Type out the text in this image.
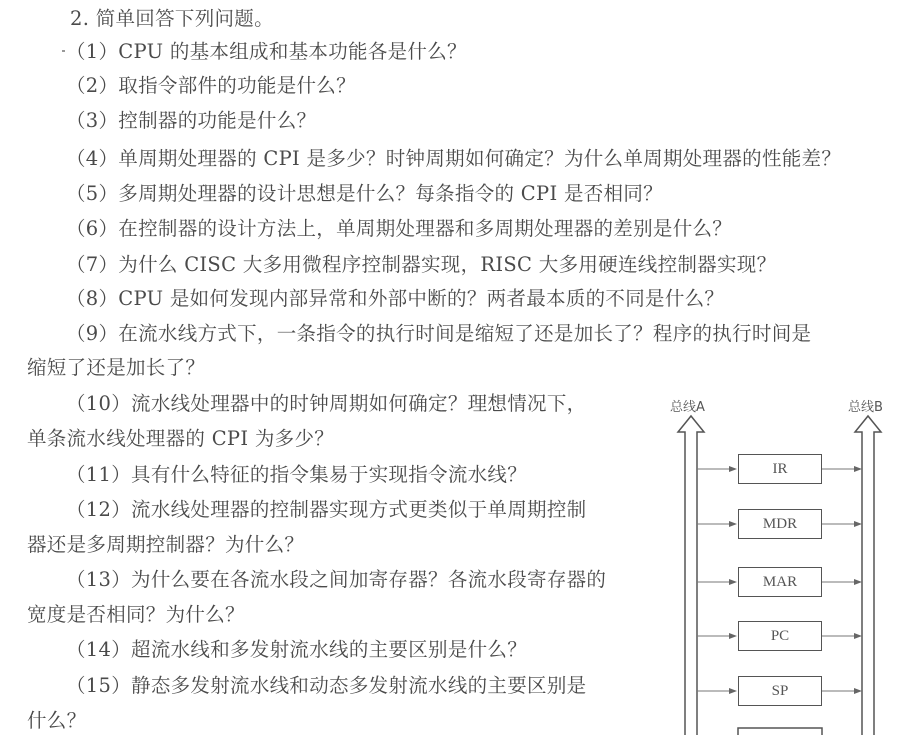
2. 简单回答下列问题。
（1）CPU 的基本组成和基本功能各是什么？
（2）取指令部件的功能是什么？
（3）控制器的功能是什么？
（4）单周期处理器的 CPI 是多少？时钟周期如何确定？为什么单周期处理器的性能差？
（5）多周期处理器的设计思想是什么？每条指令的 CPI 是否相同？
（6）在控制器的设计方法上，单周期处理器和多周期处理器的差别是什么？
（7）为什么 CISC 大多用微程序控制器实现，RISC 大多用硬连线控制器实现？
（8）CPU 是如何发现内部异常和外部中断的？两者最本质的不同是什么？
（9）在流水线方式下，一条指令的执行时间是缩短了还是加长了？程序的执行时间是
缩短了还是加长了？
（10）流水线处理器中的时钟周期如何确定？理想情况下，
单条流水线处理器的 CPI 为多少？
（11）具有什么特征的指令集易于实现指令流水线？
（12）流水线处理器的控制器实现方式更类似于单周期控制
器还是多周期控制器？为什么？
（13）为什么要在各流水段之间加寄存器？各流水段寄存器的
宽度是否相同？为什么？
（14）超流水线和多发射流水线的主要区别是什么？
（15）静态多发射流水线和动态多发射流水线的主要区别是
什么？
总线A	总线B
IR
MDR
MAR
PC
SP
